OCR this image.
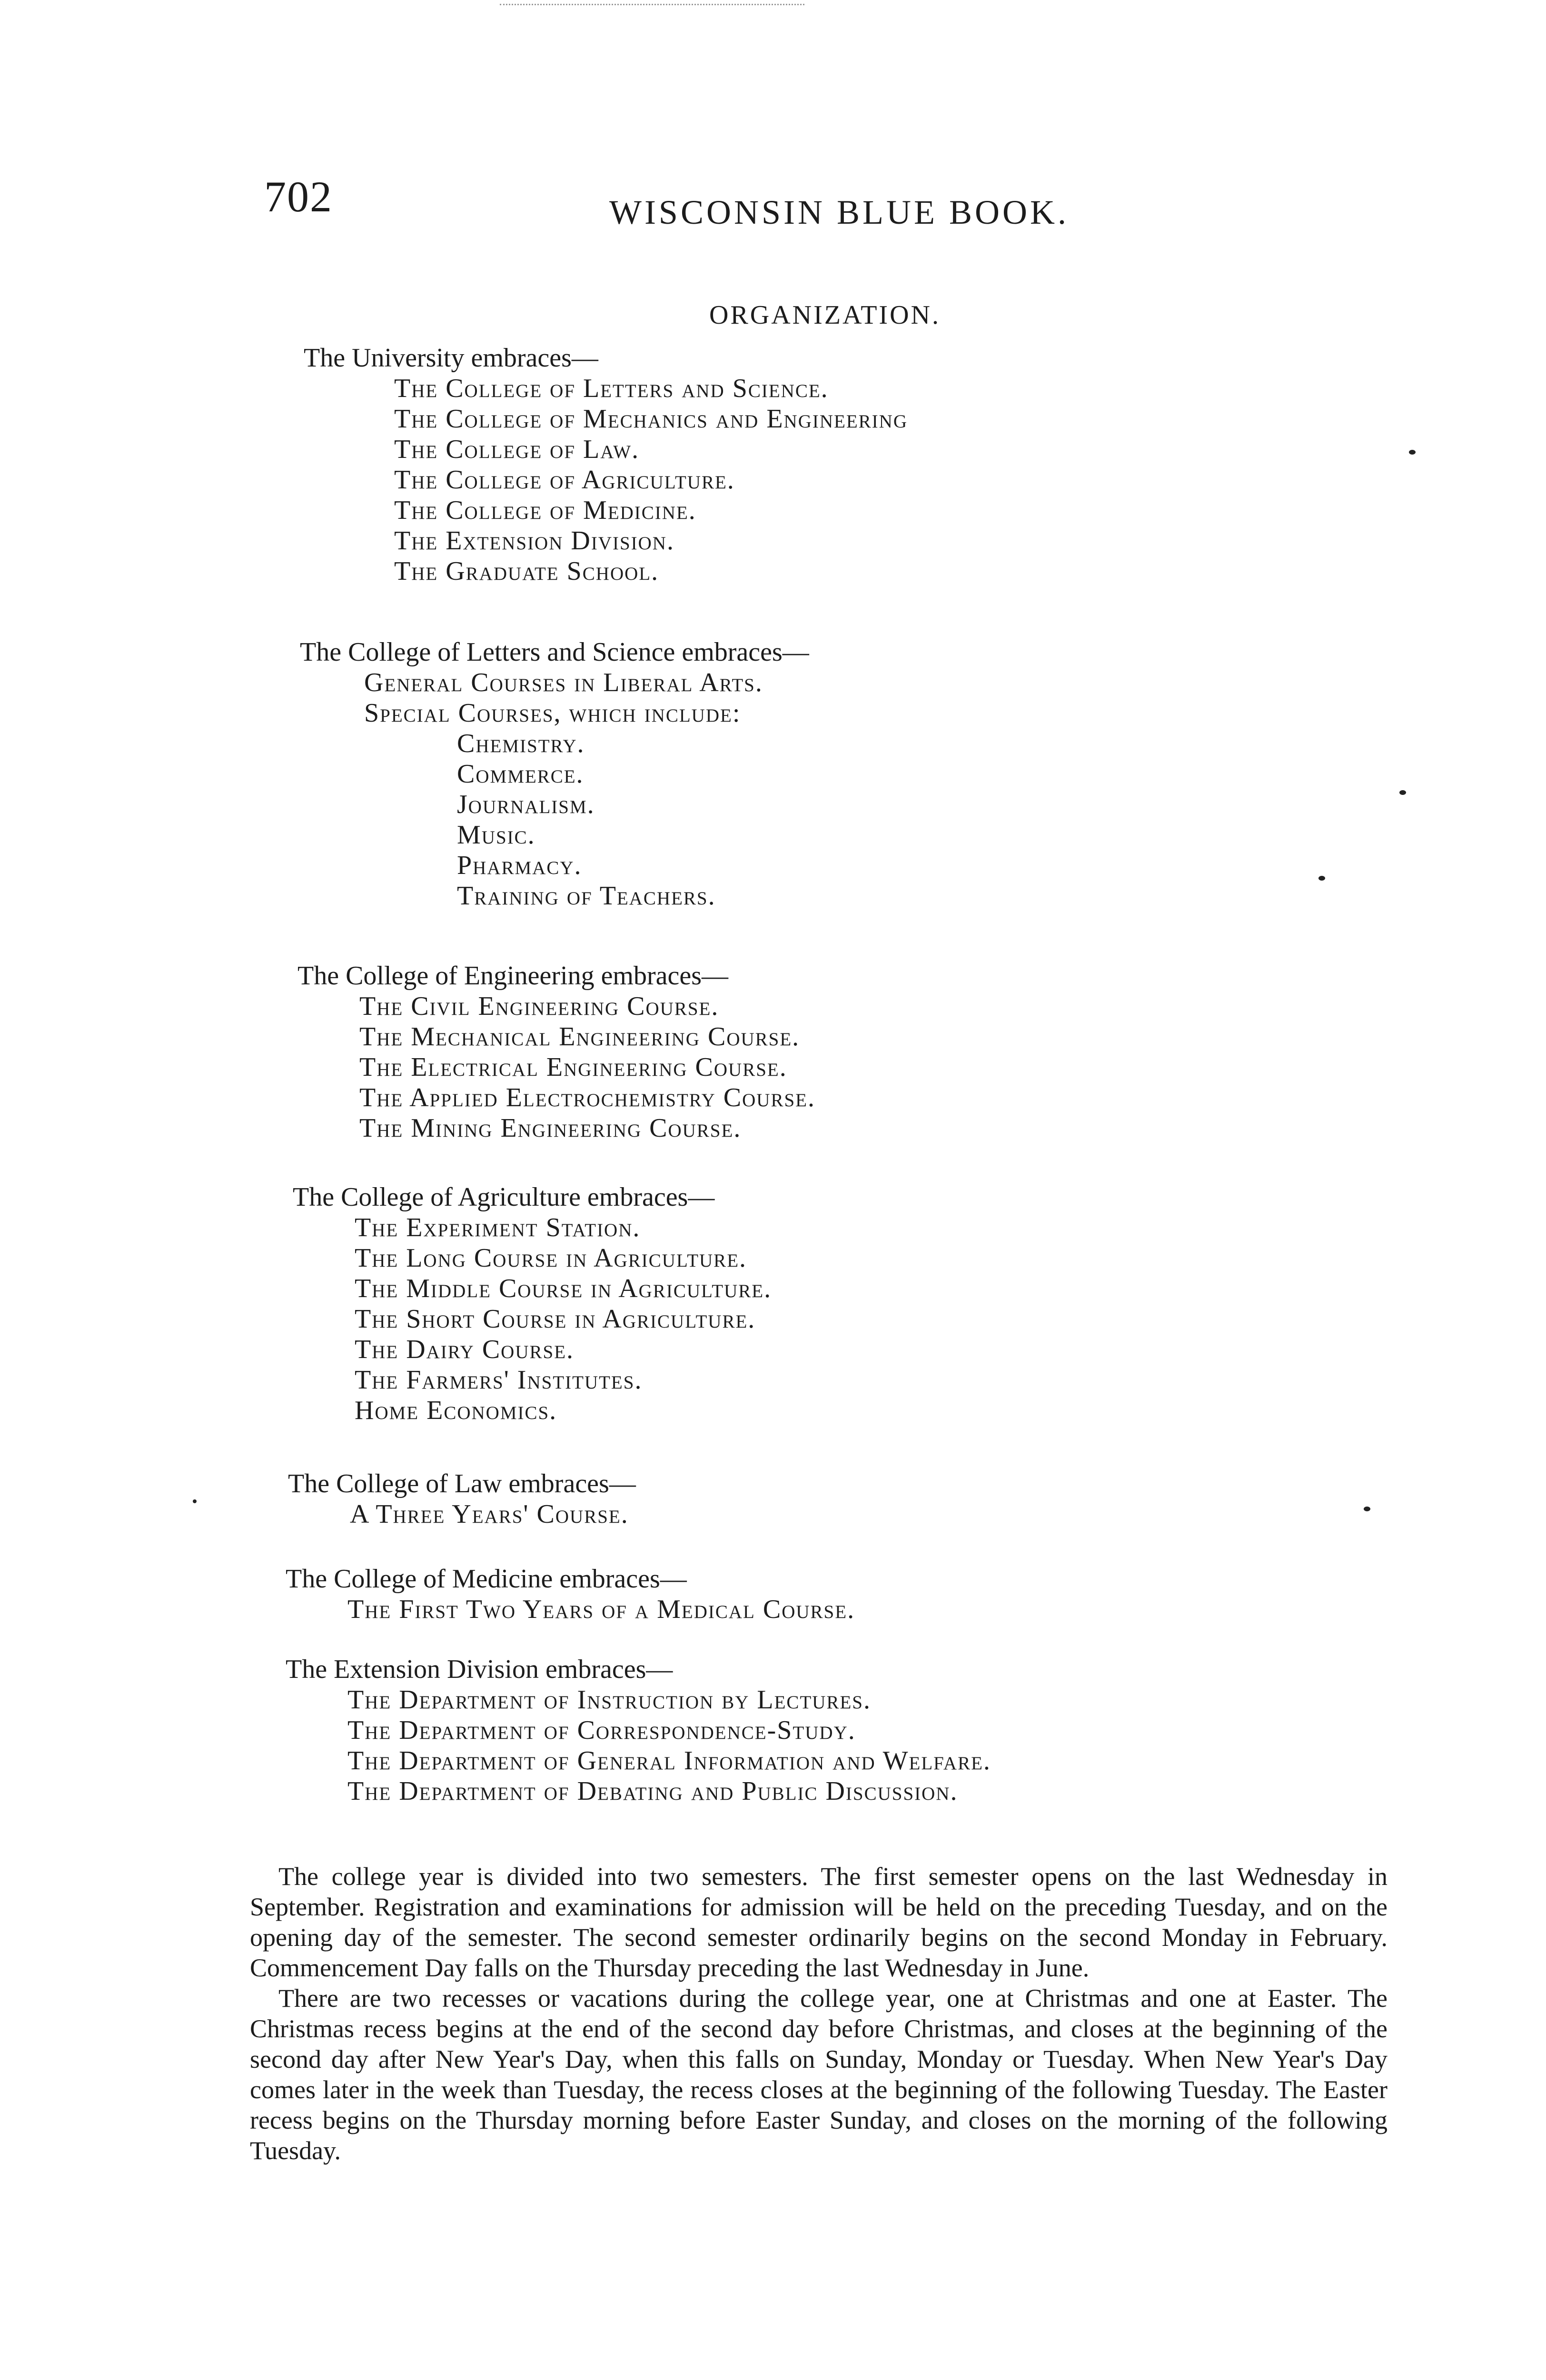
702	WISCONSIN BLUE BOOK.
ORGANIZATION.
The University embraces—
The College of Letters and Science.
The College of Mechanics and Engineering
The College of Law.
The College of Agriculture.
The College of Medicine.
The Extension Division.
The Graduate School.
The College of Letters and Science embraces—
General Courses in Liberal Arts.
Special Courses, which include:
Chemistry.
Commerce.
Journalism.
Music.
Pharmacy.
Training of Teachers.
The College of Engineering embraces—
The Civil Engineering Course.
The Mechanical Engineering Course.
The Electrical Engineering Course.
The Applied Electrochemistry Course.
The Mining Engineering Course.
The College of Agriculture embraces—
The Experiment Station.
The Long Course in Agriculture.
The Middle Course in Agriculture.
The Short Course in Agriculture.
The Dairy Course.
The Farmers' Institutes.
Home Economics.
The College of Law embraces—
A Three Years' Course.
The College of Medicine embraces—
The First Two Years of a Medical Course.
The Extension Division embraces—
The Department of Instruction by Lectures.
The Department of Correspondence-Study.
The Department of General Information and Welfare.
The Department of Debating and Public Discussion.

The college year is divided into two semesters. The first semester opens on the last Wednesday in September. Registration and examinations for admission will be held on the preceding Tuesday, and on the opening day of the semester. The second semester ordinarily begins on the second Monday in February. Commencement Day falls on the Thursday preceding the last Wednesday in June.

There are two recesses or vacations during the college year, one at Christmas and one at Easter. The Christmas recess begins at the end of the second day before Christmas, and closes at the beginning of the second day after New Year's Day, when this falls on Sunday, Monday or Tuesday. When New Year's Day comes later in the week than Tuesday, the recess closes at the beginning of the following Tuesday. The Easter recess begins on the Thursday morning before Easter Sunday, and closes on the morning of the following Tuesday.
